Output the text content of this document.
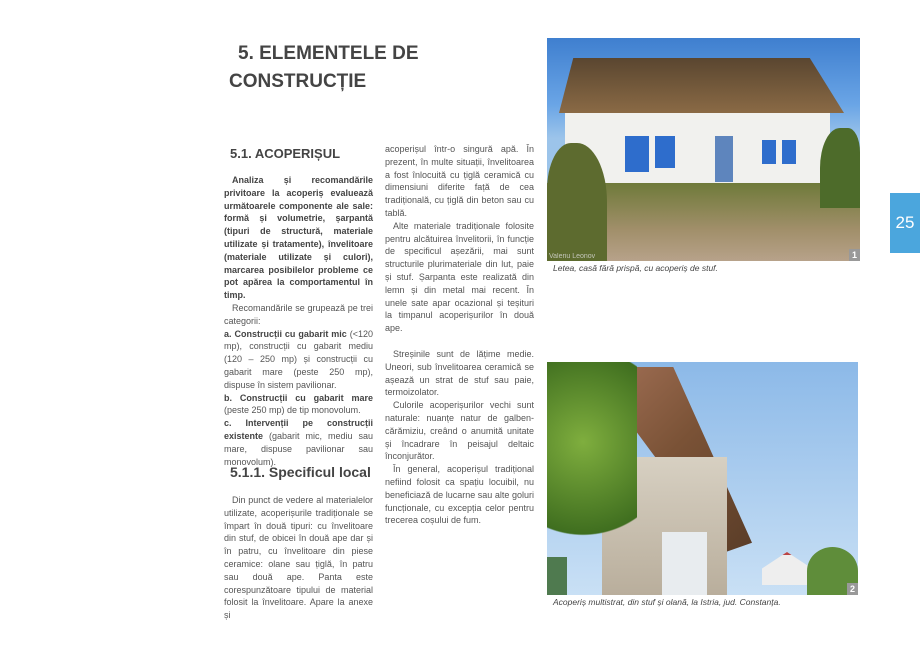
5. ELEMENTELE DE
CONSTRUCȚIE
5.1. ACOPERIȘUL

Analiza și recomandările privitoare la acoperiș evaluează următoarele componente ale sale: formă și volumetrie, șarpantă (tipuri de structură, materiale utilizate și tratamente), învelitoare (materiale utilizate și culori), marcarea posibilelor probleme ce pot apărea la comportamentul în timp.

Recomandările se grupează pe trei categorii:

a. Construcții cu gabarit mic (<120 mp), construcții cu gabarit mediu (120 – 250 mp) și construcții cu gabarit mare (peste 250 mp), dispuse în sistem pavilionar.

b. Construcții cu gabarit mare (peste 250 mp) de tip monovolum.

c. Intervenții pe construcții existente (gabarit mic, mediu sau mare, dispuse pavilionar sau monovolum).

5.1.1. Specificul local

Din punct de vedere al materialelor utilizate, acoperișurile tradiționale se împart în două tipuri: cu învelitoare din stuf, de obicei în două ape dar și în patru, cu învelitoare din piese ceramice: olane sau țiglă, în patru sau două ape. Panta este corespunzătoare tipului de material folosit la învelitoare. Apare la anexe și

acoperișul într-o singură apă. În prezent, în multe situații, învelitoarea a fost înlocuită cu țiglă ceramică cu dimensiuni diferite față de cea tradițională, cu țiglă din beton sau cu tablă.

Alte materiale tradiționale folosite pentru alcătuirea învelitorii, în funcție de specificul așezării, mai sunt structurile plurimateriale din lut, paie și stuf. Șarpanta este realizată din lemn și din metal mai recent. În unele sate apar ocazional și teșituri la timpanul acoperișurilor în două ape.

Streșinile sunt de lățime medie. Uneori, sub învelitoarea ceramică se așează un strat de stuf sau paie, termoizolator.

Culorile acoperișurilor vechi sunt naturale: nuanțe natur de galben-cărămiziu, creând o anumită unitate și încadrare în peisajul deltaic înconjurător.

În general, acoperișul tradițional nefiind folosit ca spațiu locuibil, nu beneficiază de lucarne sau alte goluri funcționale, cu excepția celor pentru trecerea coșului de fum.

Valeriu Leonov	1
Letea, casă fără prispă, cu acoperiș de stuf.
2
Acoperiș multistrat, din stuf și olană, la Istria, jud. Constanța.
25
